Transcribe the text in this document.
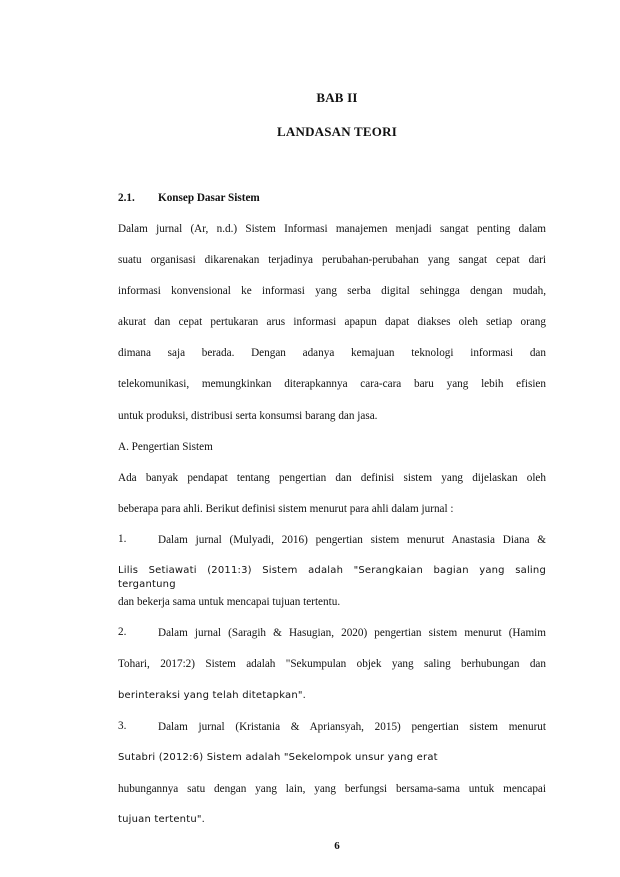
BAB II
LANDASAN TEORI
2.1. Konsep Dasar Sistem
Dalam jurnal (Ar, n.d.) Sistem Informasi manajemen menjadi sangat penting dalam
suatu organisasi dikarenakan terjadinya perubahan-perubahan yang sangat cepat dari
informasi konvensional ke informasi yang serba digital sehingga dengan mudah,
akurat dan cepat pertukaran arus informasi apapun dapat diakses oleh setiap orang
dimana saja berada. Dengan adanya kemajuan teknologi informasi dan
telekomunikasi, memungkinkan diterapkannya cara-cara baru yang lebih efisien
untuk produksi, distribusi serta konsumsi barang dan jasa.
A. Pengertian Sistem
Ada banyak pendapat tentang pengertian dan definisi sistem yang dijelaskan oleh
beberapa para ahli. Berikut definisi sistem menurut para ahli dalam jurnal :
1.	Dalam jurnal (Mulyadi, 2016) pengertian sistem menurut Anastasia Diana &
Lilis Setiawati (2011:3) Sistem adalah "Serangkaian bagian yang saling tergantung
dan bekerja sama untuk mencapai tujuan tertentu.
2.	Dalam jurnal (Saragih & Hasugian, 2020) pengertian sistem menurut (Hamim
Tohari, 2017:2) Sistem adalah "Sekumpulan objek yang saling berhubungan dan
berinteraksi yang telah ditetapkan".
3.	Dalam jurnal (Kristania & Apriansyah, 2015) pengertian sistem menurut
Sutabri (2012:6) Sistem adalah "Sekelompok unsur yang erat
hubungannya satu dengan yang lain, yang berfungsi bersama-sama untuk mencapai
tujuan tertentu".
6
